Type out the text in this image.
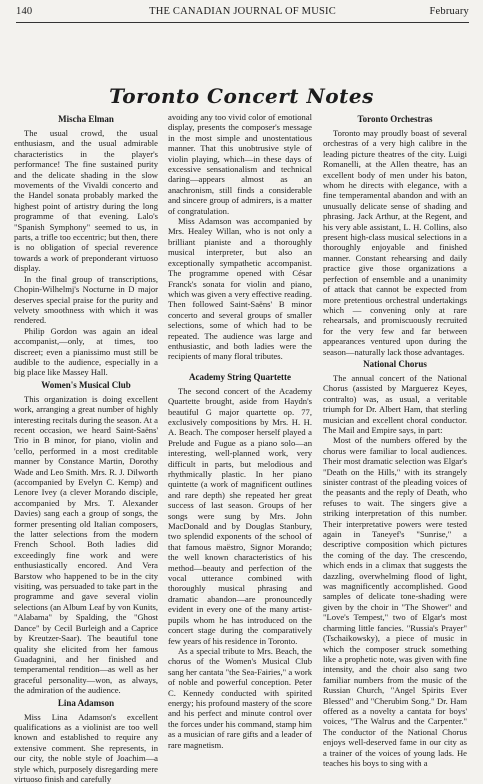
140	THE CANADIAN JOURNAL OF MUSIC	February
Toronto Concert Notes
Mischa Elman

The usual crowd, the usual enthusiasm, and the usual admirable characteristics in the player's performance! The fine sustained purity and the delicate shading in the slow movements of the Vivaldi concerto and the Handel sonata probably marked the highest point of artistry during the long programme of that evening. Lalo's "Spanish Symphony" seemed to us, in parts, a trifle too eccentric; but then, there is no obligation of special reverence towards a work of preponderant virtuoso display.

In the final group of transcriptions, Chopin-Wilhelmj's Nocturne in D major deserves special praise for the purity and velvety smoothness with which it was rendered.

Philip Gordon was again an ideal accompanist,—only, at times, too discreet; even a pianissimo must still be audible to the audience, especially in a big place like Massey Hall.

Women's Musical Club

This organization is doing excellent work, arranging a great number of highly interesting recitals during the season. At a recent occasion, we heard Saint-Saëns' Trio in B minor, for piano, violin and 'cello, performed in a most creditable manner by Constance Martin, Dorothy Wade and Leo Smith. Mrs. R. J. Dilworth (accompanied by Evelyn C. Kemp) and Lenore Ivey (a clever Morando disciple, accompanied by Mrs. T. Alexander Davies) sang each a group of songs, the former presenting old Italian composers, the latter selections from the modern French School. Both ladies did exceedingly fine work and were enthusiastically encored. And Vera Barstow who happened to be in the city visiting, was persuaded to take part in the programme and gave several violin selections (an Album Leaf by von Kunits, "Alabama" by Spalding, the "Ghost Dance" by Cecil Burleigh and a Caprice by Kreutzer-Saar). The beautiful tone quality she elicited from her famous Guadagnini, and her finished and temperamental rendition—as well as her graceful personality—won, as always, the admiration of the audience.

Lina Adamson

Miss Lina Adamson's excellent qualifications as a violinist are too well known and established to require any extensive comment. She represents, in our city, the noble style of Joachim—a style which, purposely disregarding mere virtuoso finish and carefully

avoiding any too vivid color of emotional display, presents the composer's message in the most simple and unostentatious manner. That this unobtrusive style of violin playing, which—in these days of excessive sensationalism and technical daring—appears almost as an anachronism, still finds a considerable and sincere group of admirers, is a matter of congratulation.

Miss Adamson was accompanied by Mrs. Healey Willan, who is not only a brilliant pianiste and a thoroughly musical interpreter, but also an exceptionally sympathetic accompanist. The programme opened with César Franck's sonata for violin and piano, which was given a very effective reading. Then followed Saint-Saëns' B minor concerto and several groups of smaller selections, some of which had to be repeated. The audience was large and enthusiastic, and both ladies were the recipients of many floral tributes.

Academy String Quartette

The second concert of the Academy Quartette brought, aside from Haydn's beautiful G major quartette op. 77, exclusively compositions by Mrs. H. H. A. Beach. The composer herself played a Prelude and Fugue as a piano solo—an interesting, well-planned work, very difficult in parts, but melodious and rhythmically plastic. In her piano quintette (a work of magnificent outlines and rare depth) she repeated her great success of last season. Groups of her songs were sung by Mrs. John MacDonald and by Douglas Stanbury, two splendid exponents of the school of that famous maëstro, Signor Morando; the well known characteristics of his method—beauty and perfection of the vocal utterance combined with thoroughly musical phrasing and dramatic abandon—are pronouncedly evident in every one of the many artist-pupils whom he has introduced on the concert stage during the comparatively few years of his residence in Toronto.

As a special tribute to Mrs. Beach, the chorus of the Women's Musical Club sang her cantata "the Sea-Fairies," a work of noble and powerful conception. Peter C. Kennedy conducted with spirited energy; his profound mastery of the score and his perfect and minute control over the forces under his command, stamp him as a musician of rare gifts and a leader of rare magnetism.

Toronto Orchestras

Toronto may proudly boast of several orchestras of a very high calibre in the leading picture theatres of the city. Luigi Romanelli, at the Allen theatre, has an excellent body of men under his baton, whom he directs with elegance, with a fine temperamental abandon and with an unusually delicate sense of shading and phrasing. Jack Arthur, at the Regent, and his very able assistant, L. H. Collins, also present high-class musical selections in a thoroughly enjoyable and finished manner. Constant rehearsing and daily practice give those organizations a perfection of ensemble and a unanimity of attack that cannot be expected from more pretentious orchestral undertakings which — convening only at rare rehearsals, and promiscuously recruited for the very few and far between appearances ventured upon during the season—naturally lack those advantages.

National Chorus

The annual concert of the National Chorus (assisted by Marguerez Keyes, contralto) was, as usual, a veritable triumph for Dr. Albert Ham, that sterling musician and excellent choral conductor. The Mail and Empire says, in part:

Most of the numbers offered by the chorus were familiar to local audiences. Their most dramatic selection was Elgar's "Death on the Hills," with its strangely sinister contrast of the pleading voices of the peasants and the reply of Death, who refuses to wait. The singers give a striking interpretation of this number. Their interpretative powers were tested again in Taneyef's "Sunrise," a descriptive composition which pictures the coming of the day. The crescendo, which ends in a climax that suggests the dazzling, overwhelming flood of light, was magnificently accomplished. Good samples of delicate tone-shading were given by the choir in "The Shower" and "Love's Tempest," two of Elgar's most charming little fancies. "Russia's Prayer" (Tschaikowsky), a piece of music in which the composer struck something like a prophetic note, was given with fine intensity, and the choir also sang two familiar numbers from the music of the Russian Church, "Angel Spirits Ever Blessed" and "Cherubim Song." Dr. Ham offered as a novelty a cantata for boys' voices, "The Walrus and the Carpenter." The conductor of the National Chorus enjoys well-deserved fame in our city as a trainer of the voices of young lads. He teaches his boys to sing with a
